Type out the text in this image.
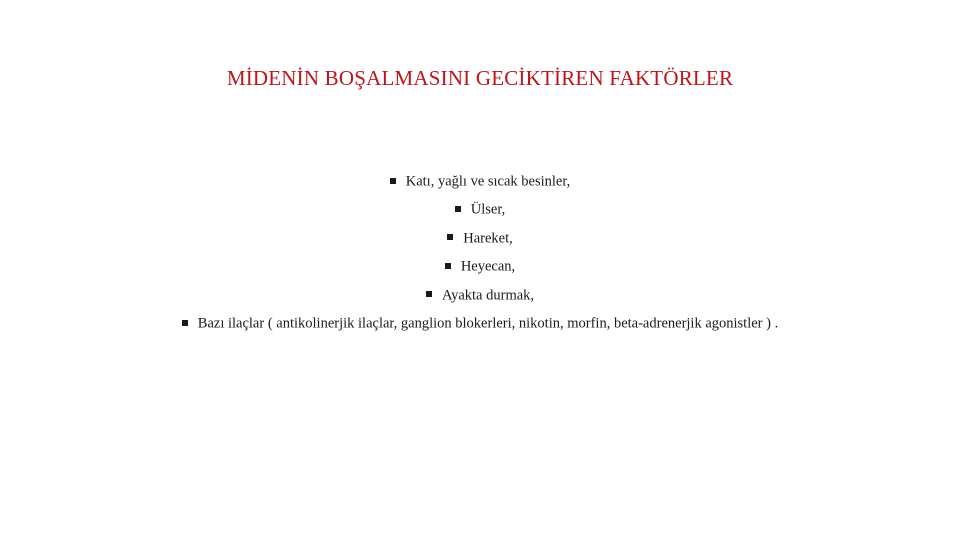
MİDENİN BOŞALMASINI GECİKTİREN FAKTÖRLER
Katı, yağlı ve sıcak besinler,
Ülser,
Hareket,
Heyecan,
Ayakta durmak,
Bazı ilaçlar ( antikolinerjik ilaçlar, ganglion blokerleri, nikotin, morfin, beta-adrenerjik agonistler ) .
